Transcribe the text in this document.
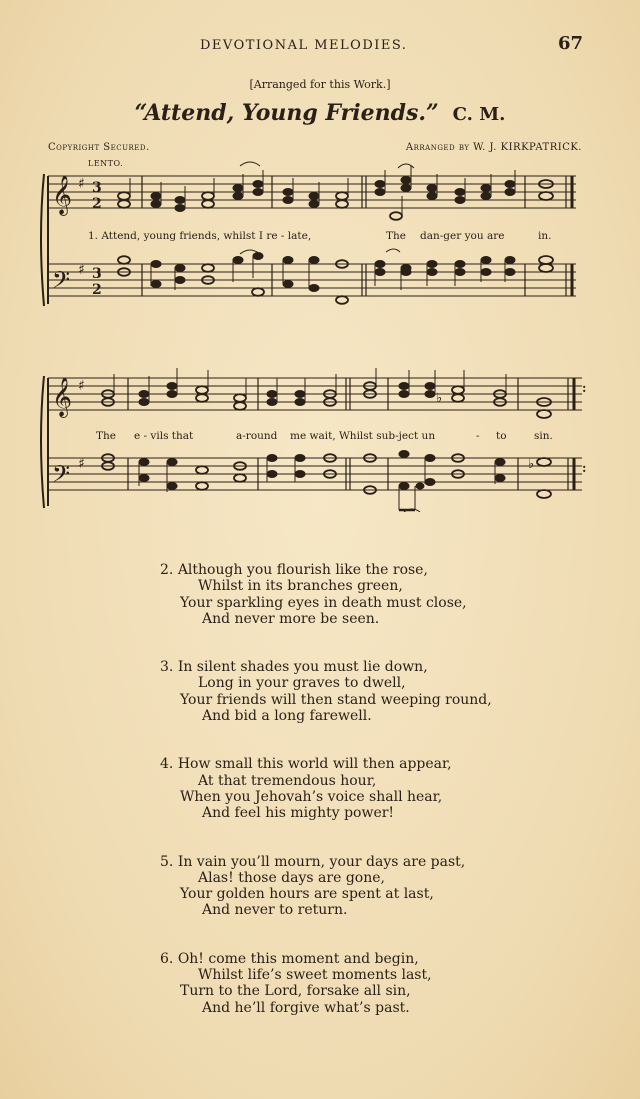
DEVOTIONAL MELODIES.	67
[Arranged for this Work.]
“Attend, Young Friends.” C. M.
Copyright Secured.	Arranged by W. J. KIRKPATRICK.
LENTO.
𝄞
𝄢
♯
♯
3
2
3
2
1. Attend, young friends, whilst I re - late,	The dan-ger you are	in.
𝄞
𝄢
♯
♯
:
:
♭
♭
The e - vils that	a-round me wait, Whilst sub-ject un	- to	sin.
2. Although you flourish like the rose,
Whilst in its branches green,
Your sparkling eyes in death must close,
And never more be seen.
3. In silent shades you must lie down,
Long in your graves to dwell,
Your friends will then stand weeping round,
And bid a long farewell.
4. How small this world will then appear,
At that tremendous hour,
When you Jehovah’s voice shall hear,
And feel his mighty power!
5. In vain you’ll mourn, your days are past,
Alas! those days are gone,
Your golden hours are spent at last,
And never to return.
6. Oh! come this moment and begin,
Whilst life’s sweet moments last,
Turn to the Lord, forsake all sin,
And he’ll forgive what’s past.
